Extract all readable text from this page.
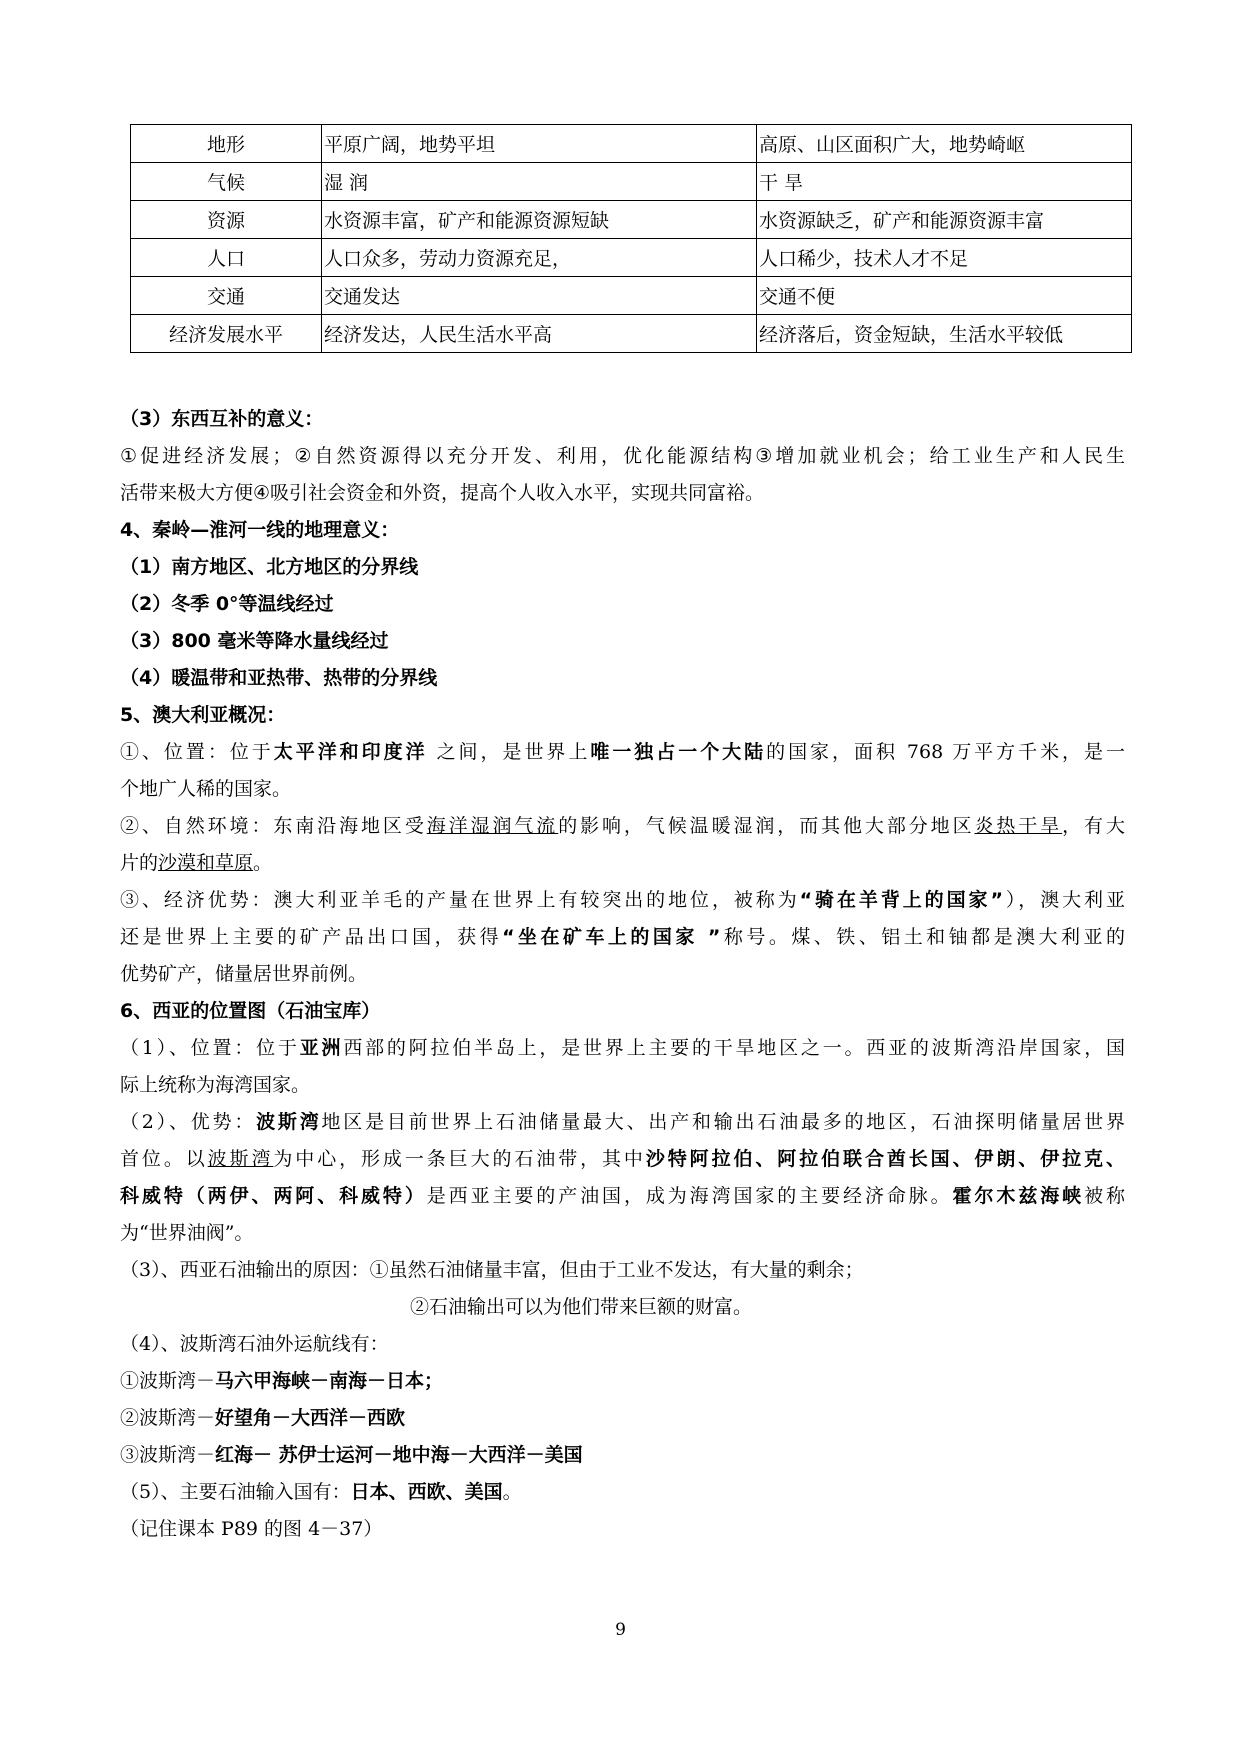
地形	平原广阔，地势平坦	高原、山区面积广大，地势崎岖
气候	湿 润	干 旱
资源	水资源丰富，矿产和能源资源短缺	水资源缺乏，矿产和能源资源丰富
人口	人口众多，劳动力资源充足，	人口稀少，技术人才不足
交通	交通发达	交通不便
经济发展水平	经济发达，人民生活水平高	经济落后，资金短缺，生活水平较低

（3）东西互补的意义：

①促进经济发展；②自然资源得以充分开发、利用，优化能源结构③增加就业机会；给工业生产和人民生

活带来极大方便④吸引社会资金和外资，提高个人收入水平，实现共同富裕。

4、秦岭—淮河一线的地理意义：

（1）南方地区、北方地区的分界线

（2）冬季 0°等温线经过

（3）800 毫米等降水量线经过

（4）暖温带和亚热带、热带的分界线

5、澳大利亚概况：

①、位置：位于太平洋和印度洋 之间，是世界上唯一独占一个大陆的国家，面积 768 万平方千米，是一

个地广人稀的国家。

②、自然环境：东南沿海地区受海洋湿润气流的影响，气候温暖湿润，而其他大部分地区炎热干旱，有大

片的沙漠和草原。

③、经济优势：澳大利亚羊毛的产量在世界上有较突出的地位，被称为“骑在羊背上的国家”），澳大利亚

还是世界上主要的矿产品出口国，获得“坐在矿车上的国家 ”称号。煤、铁、铝土和铀都是澳大利亚的

优势矿产，储量居世界前例。

6、西亚的位置图（石油宝库）

（1）、位置：位于亚洲西部的阿拉伯半岛上，是世界上主要的干旱地区之一。西亚的波斯湾沿岸国家，国

际上统称为海湾国家。

（2）、优势：波斯湾地区是目前世界上石油储量最大、出产和输出石油最多的地区，石油探明储量居世界

首位。以波斯湾为中心，形成一条巨大的石油带，其中沙特阿拉伯、阿拉伯联合酋长国、伊朗、伊拉克、

科威特（两伊、两阿、科威特）是西亚主要的产油国，成为海湾国家的主要经济命脉。霍尔木兹海峡被称

为“世界油阀”。

（3）、西亚石油输出的原因：①虽然石油储量丰富，但由于工业不发达，有大量的剩余；

②石油输出可以为他们带来巨额的财富。

（4）、波斯湾石油外运航线有：

①波斯湾－马六甲海峡－南海－日本；

②波斯湾－好望角－大西洋－西欧

③波斯湾－红海－ 苏伊士运河－地中海－大西洋－美国

（5）、主要石油输入国有：日本、西欧、美国。

（记住课本 P89 的图 4－37）

9
